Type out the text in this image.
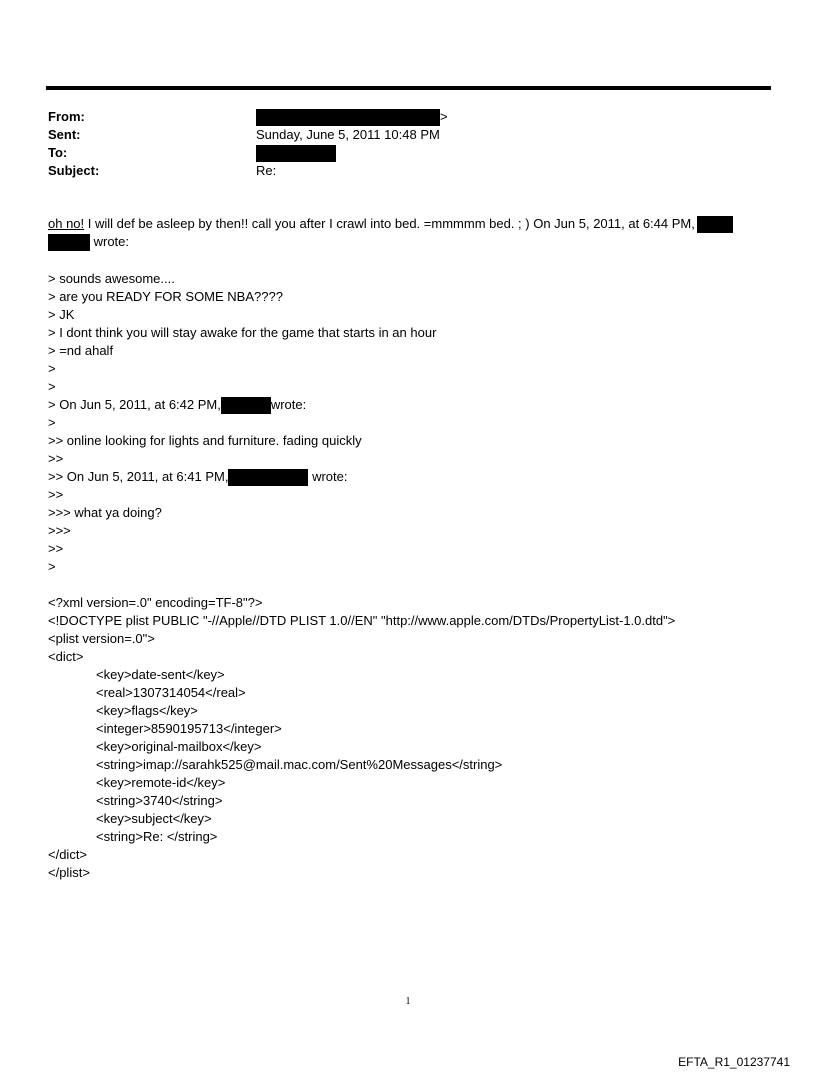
From:	>
Sent:	Sunday, June 5, 2011 10:48 PM
To:
Subject:	Re:
oh no! I will def be asleep by then!! call you after I crawl into bed. =mmmmm bed. ; ) On Jun 5, 2011, at 6:44 PM,
wrote:
> sounds awesome....
> are you READY FOR SOME NBA????
> JK
> I dont think you will stay awake for the game that starts in an hour
> =nd ahalf
>
>
> On Jun 5, 2011, at 6:42 PM,	wrote:
>
>> online looking for lights and furniture. fading quickly
>>
>> On Jun 5, 2011, at 6:41 PM,	wrote:
>>
>>> what ya doing?
>>>
>>
>
<?xml version=.0" encoding=TF-8"?>
<!DOCTYPE plist PUBLIC "-//Apple//DTD PLIST 1.0//EN" "http://www.apple.com/DTDs/PropertyList-1.0.dtd">
<plist version=.0">
<dict>
<key>date-sent</key>
<real>1307314054</real>
<key>flags</key>
<integer>8590195713</integer>
<key>original-mailbox</key>
<string>imap://sarahk525@mail.mac.com/Sent%20Messages</string>
<key>remote-id</key>
<string>3740</string>
<key>subject</key>
<string>Re: </string>
</dict>
</plist>
1
EFTA_R1_01237741
